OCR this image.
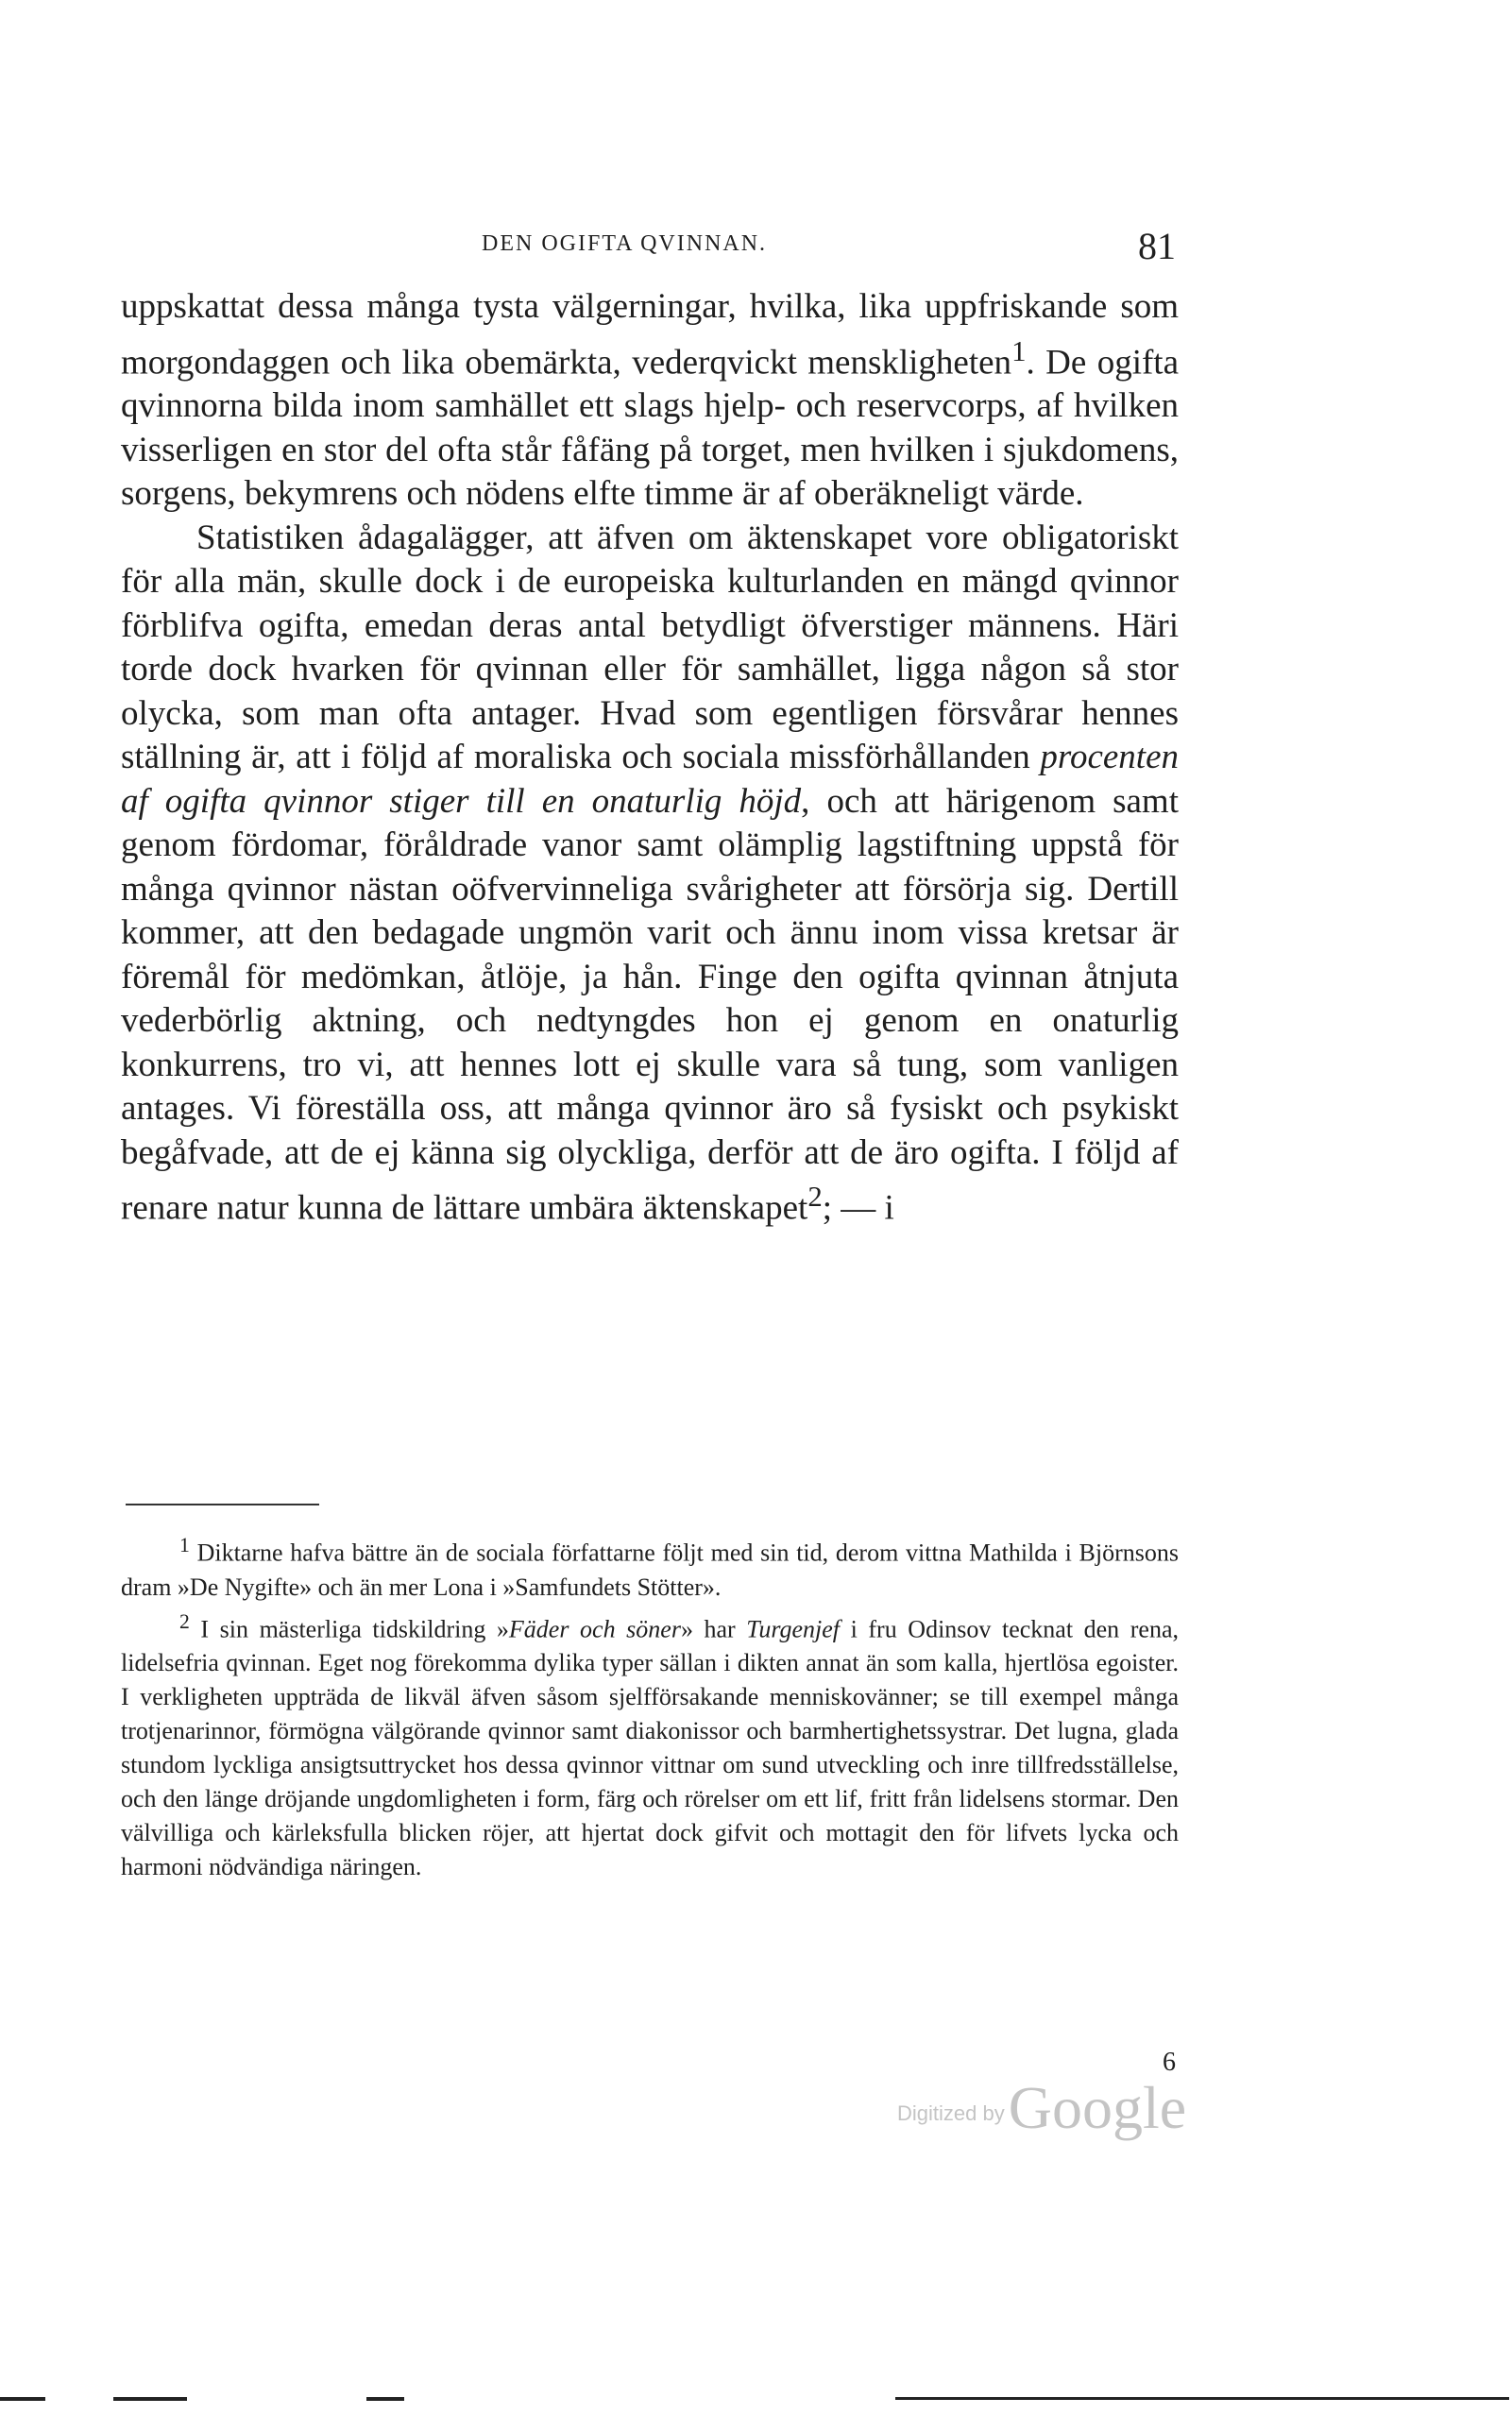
DEN OGIFTA QVINNAN.	81

uppskattat dessa många tysta välgerningar, hvilka, lika uppfriskande som morgondaggen och lika obemärkta, vederqvickt menskligheten$^1$. De ogifta qvinnorna bilda inom samhället ett slags hjelp- och reservcorps, af hvilken visserligen en stor del ofta står fåfäng på torget, men hvilken i sjukdomens, sorgens, bekymrens och nödens elfte timme är af oberäkneligt värde.

Statistiken ådagalägger, att äfven om äktenskapet vore obligatoriskt för alla män, skulle dock i de europeiska kulturlanden en mängd qvinnor förblifva ogifta, emedan deras antal betydligt öfverstiger männens. Häri torde dock hvarken för qvinnan eller för samhället, ligga någon så stor olycka, som man ofta antager. Hvad som egentligen försvårar hennes ställning är, att i följd af moraliska och sociala missförhållanden procenten af ogifta qvinnor stiger till en onaturlig höjd, och att härigenom samt genom fördomar, föråldrade vanor samt olämplig lagstiftning uppstå för många qvinnor nästan oöfvervinneliga svårigheter att försörja sig. Dertill kommer, att den bedagade ungmön varit och ännu inom vissa kretsar är föremål för medömkan, åtlöje, ja hån. Finge den ogifta qvinnan åtnjuta vederbörlig aktning, och nedtyngdes hon ej genom en onaturlig konkurrens, tro vi, att hennes lott ej skulle vara så tung, som vanligen antages. Vi föreställa oss, att många qvinnor äro så fysiskt och psykiskt begåfvade, att de ej känna sig olyckliga, derför att de äro ogifta. I följd af renare natur kunna de lättare umbära äktenskapet$^2$; — i

$^1$ Diktarne hafva bättre än de sociala författarne följt med sin tid, derom vittna Mathilda i Björnsons dram »De Nygifte» och än mer Lona i »Samfundets Stötter».

$^2$ I sin mästerliga tidskildring »Fäder och söner» har Turgenjef i fru Odinsov tecknat den rena, lidelsefria qvinnan. Eget nog förekomma dylika typer sällan i dikten annat än som kalla, hjertlösa egoister. I verkligheten uppträda de likväl äfven såsom sjelfförsakande menniskovänner; se till exempel många trotjenarinnor, förmögna välgörande qvinnor samt diakonissor och barmhertighetssystrar. Det lugna, glada stundom lyckliga ansigtsuttrycket hos dessa qvinnor vittnar om sund utveckling och inre tillfredsställelse, och den länge dröjande ungdomligheten i form, färg och rörelser om ett lif, fritt från lidelsens stormar. Den välvilliga och kärleksfulla blicken röjer, att hjertat dock gifvit och mottagit den för lifvets lycka och harmoni nödvändiga näringen.

6
Digitized by Google
